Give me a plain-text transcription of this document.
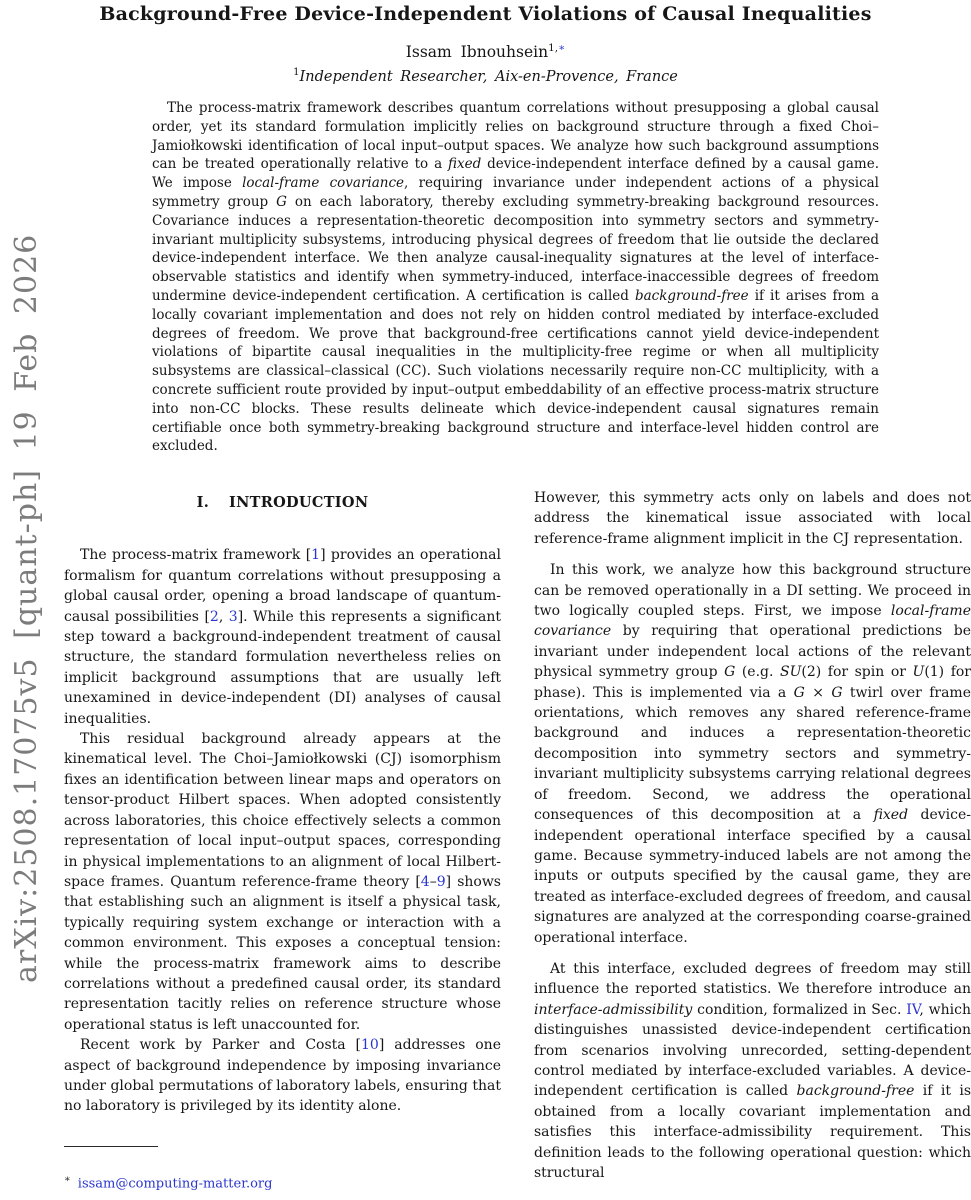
arXiv:2508.17075v5 [quant-ph] 19 Feb 2026
Background-Free Device-Independent Violations of Causal Inequalities
Issam Ibnouhsein$^{1,∗}$
$^1$Independent Researcher, Aix-en-Provence, France

The process-matrix framework describes quantum correlations without presupposing a global causal order, yet its standard formulation implicitly relies on background structure through a fixed Choi–Jamiołkowski identification of local input–output spaces. We analyze how such background assumptions can be treated operationally relative to a fixed device-independent interface defined by a causal game. We impose local-frame covariance, requiring invariance under independent actions of a physical symmetry group G on each laboratory, thereby excluding symmetry-breaking background resources. Covariance induces a representation-theoretic decomposition into symmetry sectors and symmetry-invariant multiplicity subsystems, introducing physical degrees of freedom that lie outside the declared device-independent interface. We then analyze causal-inequality signatures at the level of interface-observable statistics and identify when symmetry-induced, interface-inaccessible degrees of freedom undermine device-independent certification. A certification is called background-free if it arises from a locally covariant implementation and does not rely on hidden control mediated by interface-excluded degrees of freedom. We prove that background-free certifications cannot yield device-independent violations of bipartite causal inequalities in the multiplicity-free regime or when all multiplicity subsystems are classical–classical (CC). Such violations necessarily require non-CC multiplicity, with a concrete sufficient route provided by input–output embeddability of an effective process-matrix structure into non-CC blocks. These results delineate which device-independent causal signatures remain certifiable once both symmetry-breaking background structure and interface-level hidden control are excluded.

I. INTRODUCTION

The process-matrix framework [1] provides an operational formalism for quantum correlations without presupposing a global causal order, opening a broad landscape of quantum-causal possibilities [2, 3]. While this represents a significant step toward a background-independent treatment of causal structure, the standard formulation nevertheless relies on implicit background assumptions that are usually left unexamined in device-independent (DI) analyses of causal inequalities.

This residual background already appears at the kinematical level. The Choi–Jamiołkowski (CJ) isomorphism fixes an identification between linear maps and operators on tensor-product Hilbert spaces. When adopted consistently across laboratories, this choice effectively selects a common representation of local input–output spaces, corresponding in physical implementations to an alignment of local Hilbert-space frames. Quantum reference-frame theory [4–9] shows that establishing such an alignment is itself a physical task, typically requiring system exchange or interaction with a common environment. This exposes a conceptual tension: while the process-matrix framework aims to describe correlations without a predefined causal order, its standard representation tacitly relies on reference structure whose operational status is left unaccounted for.

Recent work by Parker and Costa [10] addresses one aspect of background independence by imposing invariance under global permutations of laboratory labels, ensuring that no laboratory is privileged by its identity alone.

However, this symmetry acts only on labels and does not address the kinematical issue associated with local reference-frame alignment implicit in the CJ representation.

In this work, we analyze how this background structure can be removed operationally in a DI setting. We proceed in two logically coupled steps. First, we impose local-frame covariance by requiring that operational predictions be invariant under independent local actions of the relevant physical symmetry group G (e.g. SU(2) for spin or U(1) for phase). This is implemented via a G × G twirl over frame orientations, which removes any shared reference-frame background and induces a representation-theoretic decomposition into symmetry sectors and symmetry-invariant multiplicity subsystems carrying relational degrees of freedom. Second, we address the operational consequences of this decomposition at a fixed device-independent operational interface specified by a causal game. Because symmetry-induced labels are not among the inputs or outputs specified by the causal game, they are treated as interface-excluded degrees of freedom, and causal signatures are analyzed at the corresponding coarse-grained operational interface.

At this interface, excluded degrees of freedom may still influence the reported statistics. We therefore introduce an interface-admissibility condition, formalized in Sec. IV, which distinguishes unassisted device-independent certification from scenarios involving unrecorded, setting-dependent control mediated by interface-excluded variables. A device-independent certification is called background-free if it is obtained from a locally covariant implementation and satisfies this interface-admissibility requirement. This definition leads to the following operational question: which structural

∗ issam@computing-matter.org
